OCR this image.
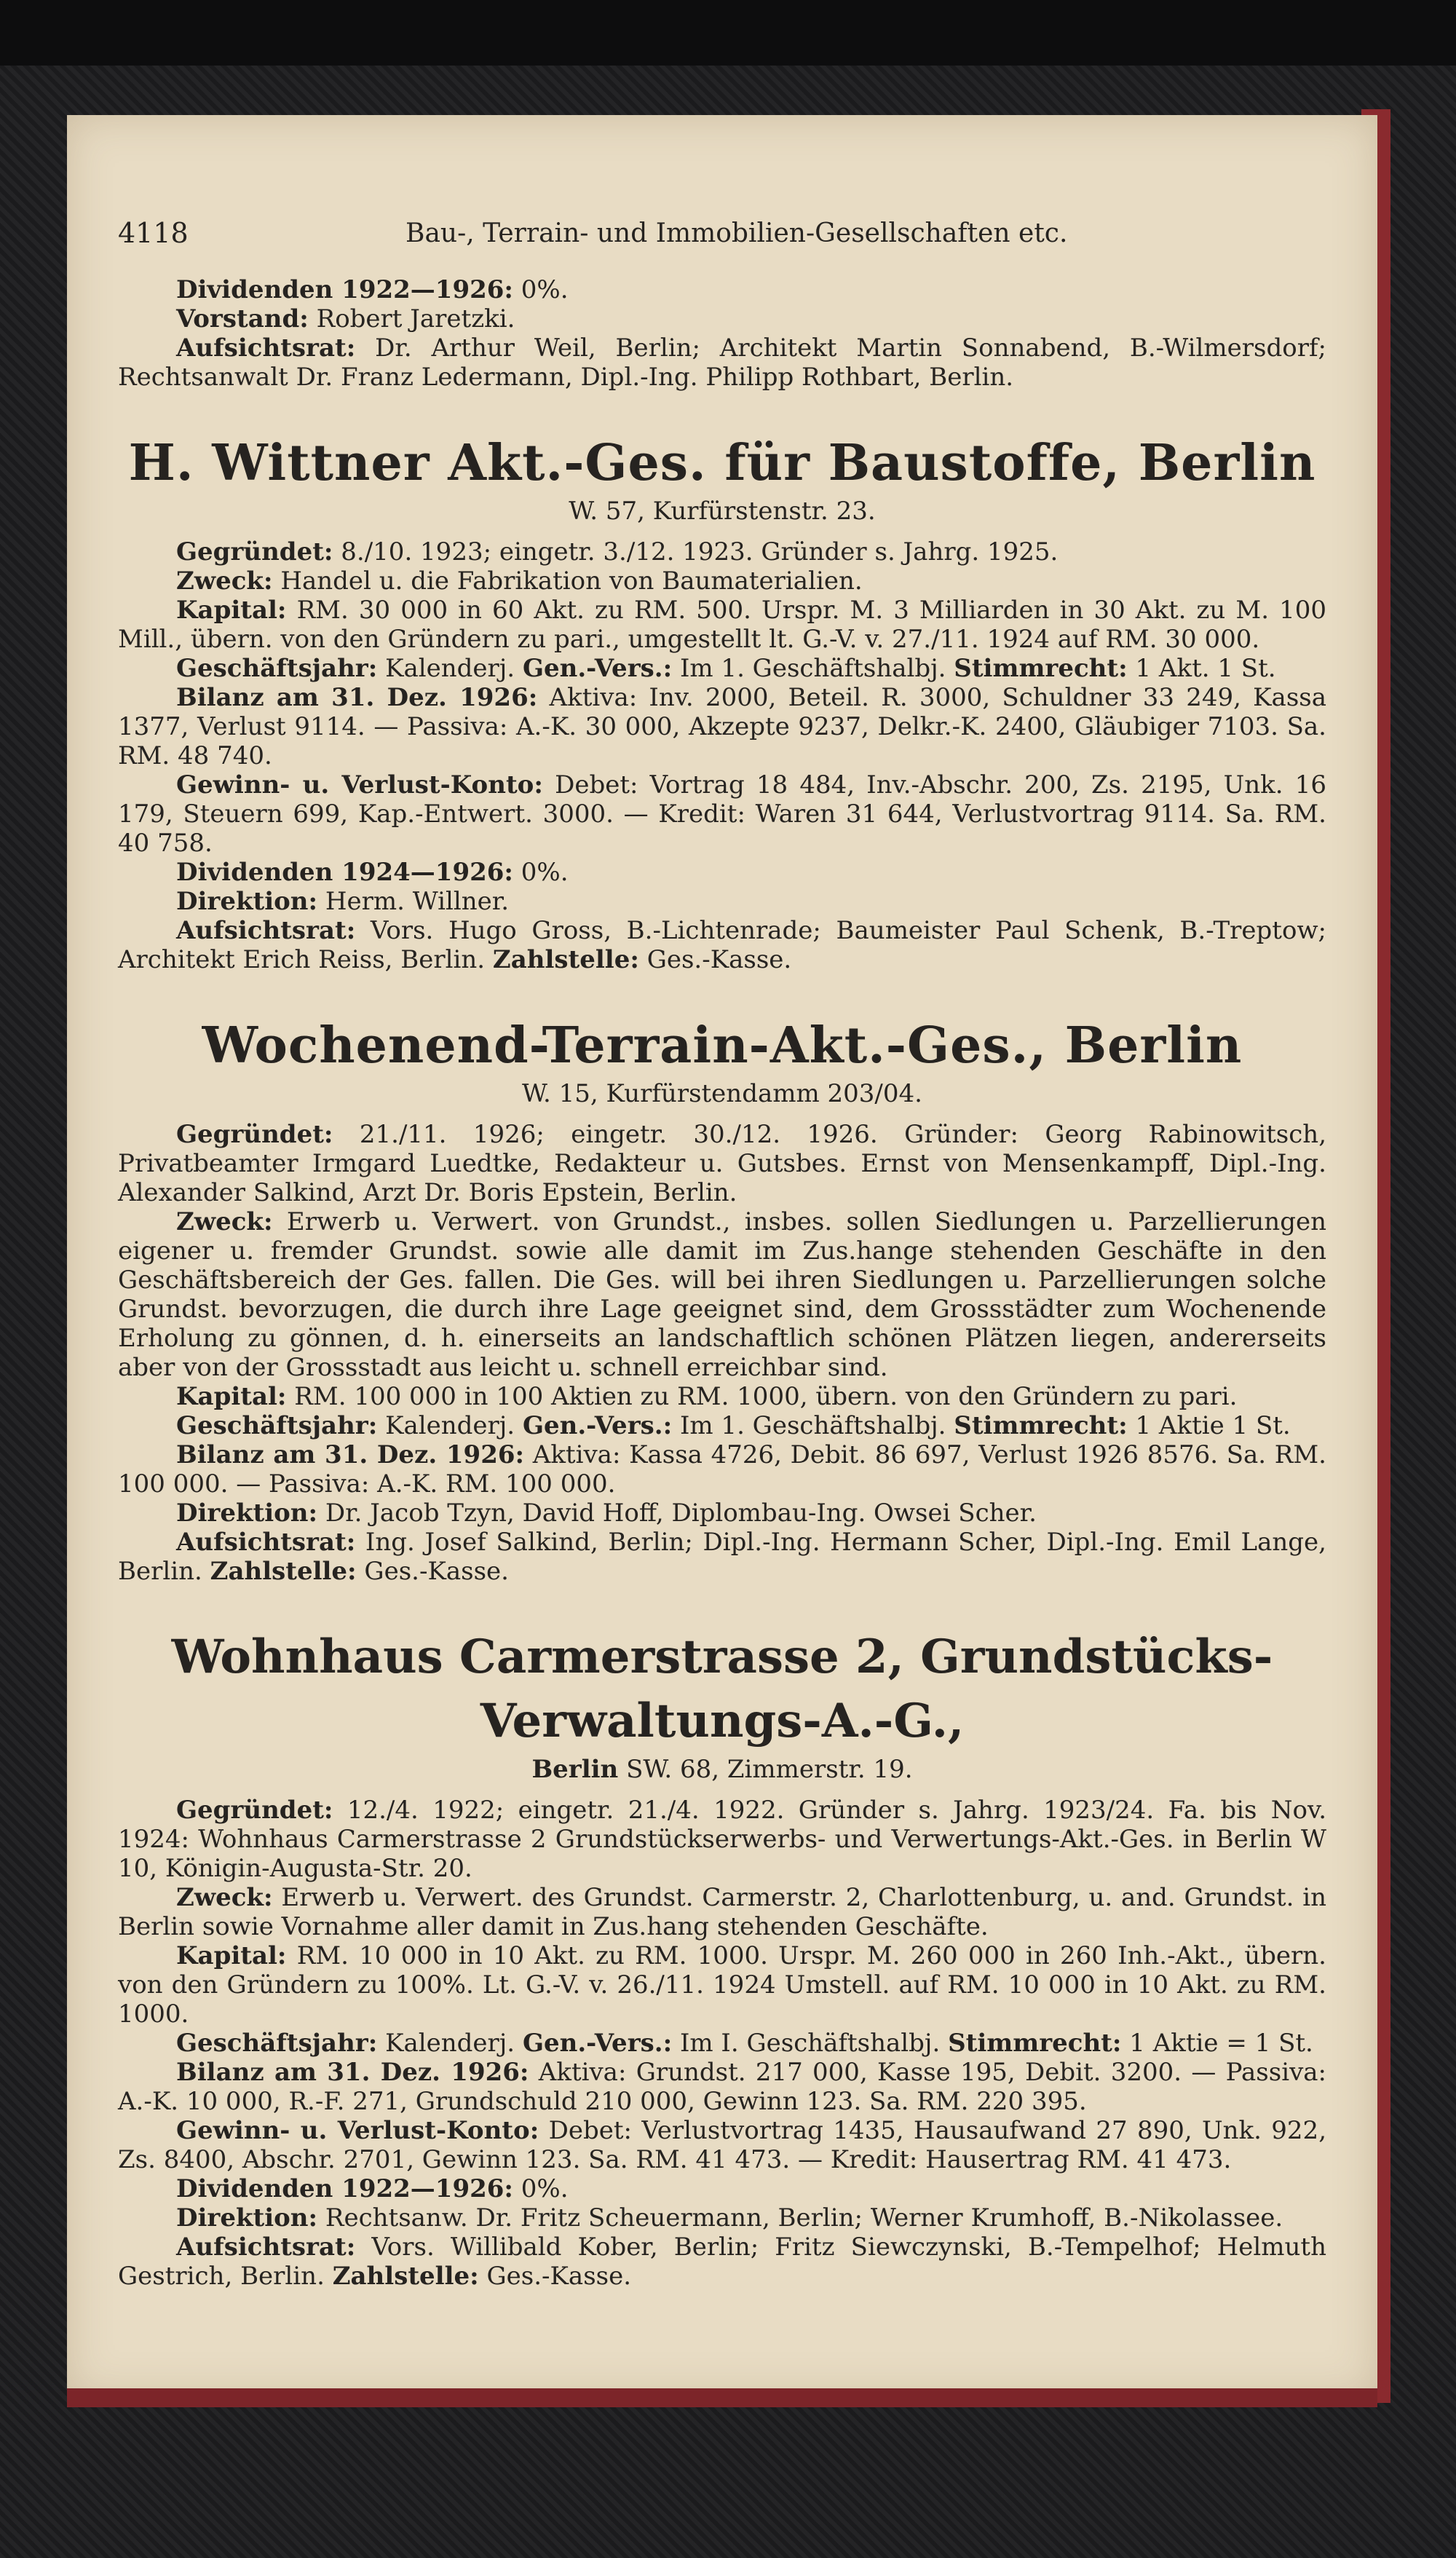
4118	Bau-, Terrain- und Immobilien-Gesellschaften etc.

Dividenden 1922—1926: 0%.

Vorstand: Robert Jaretzki.

Aufsichtsrat: Dr. Arthur Weil, Berlin; Architekt Martin Sonnabend, B.-Wilmersdorf; Rechtsanwalt Dr. Franz Ledermann, Dipl.-Ing. Philipp Rothbart, Berlin.

H. Wittner Akt.-Ges. für Baustoffe, Berlin
W. 57, Kurfürstenstr. 23.

Gegründet: 8./10. 1923; eingetr. 3./12. 1923. Gründer s. Jahrg. 1925.

Zweck: Handel u. die Fabrikation von Baumaterialien.

Kapital: RM. 30 000 in 60 Akt. zu RM. 500. Urspr. M. 3 Milliarden in 30 Akt. zu M. 100 Mill., übern. von den Gründern zu pari., umgestellt lt. G.-V. v. 27./11. 1924 auf RM. 30 000.

Geschäftsjahr: Kalenderj. Gen.-Vers.: Im 1. Geschäftshalbj. Stimmrecht: 1 Akt. 1 St.

Bilanz am 31. Dez. 1926: Aktiva: Inv. 2000, Beteil. R. 3000, Schuldner 33 249, Kassa 1377, Verlust 9114. — Passiva: A.-K. 30 000, Akzepte 9237, Delkr.-K. 2400, Gläubiger 7103. Sa. RM. 48 740.

Gewinn- u. Verlust-Konto: Debet: Vortrag 18 484, Inv.-Abschr. 200, Zs. 2195, Unk. 16 179, Steuern 699, Kap.-Entwert. 3000. — Kredit: Waren 31 644, Verlustvortrag 9114. Sa. RM. 40 758.

Dividenden 1924—1926: 0%.

Direktion: Herm. Willner.

Aufsichtsrat: Vors. Hugo Gross, B.-Lichtenrade; Baumeister Paul Schenk, B.-Treptow; Architekt Erich Reiss, Berlin. Zahlstelle: Ges.-Kasse.

Wochenend-Terrain-Akt.-Ges., Berlin
W. 15, Kurfürstendamm 203/04.

Gegründet: 21./11. 1926; eingetr. 30./12. 1926. Gründer: Georg Rabinowitsch, Privatbeamter Irmgard Luedtke, Redakteur u. Gutsbes. Ernst von Mensenkampff, Dipl.-Ing. Alexander Salkind, Arzt Dr. Boris Epstein, Berlin.

Zweck: Erwerb u. Verwert. von Grundst., insbes. sollen Siedlungen u. Parzellierungen eigener u. fremder Grundst. sowie alle damit im Zus.hange stehenden Geschäfte in den Geschäftsbereich der Ges. fallen. Die Ges. will bei ihren Siedlungen u. Parzellierungen solche Grundst. bevorzugen, die durch ihre Lage geeignet sind, dem Grossstädter zum Wochenende Erholung zu gönnen, d. h. einerseits an landschaftlich schönen Plätzen liegen, andererseits aber von der Grossstadt aus leicht u. schnell erreichbar sind.

Kapital: RM. 100 000 in 100 Aktien zu RM. 1000, übern. von den Gründern zu pari.

Geschäftsjahr: Kalenderj. Gen.-Vers.: Im 1. Geschäftshalbj. Stimmrecht: 1 Aktie 1 St.

Bilanz am 31. Dez. 1926: Aktiva: Kassa 4726, Debit. 86 697, Verlust 1926 8576. Sa. RM. 100 000. — Passiva: A.-K. RM. 100 000.

Direktion: Dr. Jacob Tzyn, David Hoff, Diplombau-Ing. Owsei Scher.

Aufsichtsrat: Ing. Josef Salkind, Berlin; Dipl.-Ing. Hermann Scher, Dipl.-Ing. Emil Lange, Berlin. Zahlstelle: Ges.-Kasse.

Wohnhaus Carmerstrasse 2, Grundstücks-Verwaltungs-A.-G.,
Berlin SW. 68, Zimmerstr. 19.

Gegründet: 12./4. 1922; eingetr. 21./4. 1922. Gründer s. Jahrg. 1923/24. Fa. bis Nov. 1924: Wohnhaus Carmerstrasse 2 Grundstückserwerbs- und Verwertungs-Akt.-Ges. in Berlin W 10, Königin-Augusta-Str. 20.

Zweck: Erwerb u. Verwert. des Grundst. Carmerstr. 2, Charlottenburg, u. and. Grundst. in Berlin sowie Vornahme aller damit in Zus.hang stehenden Geschäfte.

Kapital: RM. 10 000 in 10 Akt. zu RM. 1000. Urspr. M. 260 000 in 260 Inh.-Akt., übern. von den Gründern zu 100%. Lt. G.-V. v. 26./11. 1924 Umstell. auf RM. 10 000 in 10 Akt. zu RM. 1000.

Geschäftsjahr: Kalenderj. Gen.-Vers.: Im I. Geschäftshalbj. Stimmrecht: 1 Aktie = 1 St.

Bilanz am 31. Dez. 1926: Aktiva: Grundst. 217 000, Kasse 195, Debit. 3200. — Passiva: A.-K. 10 000, R.-F. 271, Grundschuld 210 000, Gewinn 123. Sa. RM. 220 395.

Gewinn- u. Verlust-Konto: Debet: Verlustvortrag 1435, Hausaufwand 27 890, Unk. 922, Zs. 8400, Abschr. 2701, Gewinn 123. Sa. RM. 41 473. — Kredit: Hausertrag RM. 41 473.

Dividenden 1922—1926: 0%.

Direktion: Rechtsanw. Dr. Fritz Scheuermann, Berlin; Werner Krumhoff, B.-Nikolassee.

Aufsichtsrat: Vors. Willibald Kober, Berlin; Fritz Siewczynski, B.-Tempelhof; Helmuth Gestrich, Berlin. Zahlstelle: Ges.-Kasse.
